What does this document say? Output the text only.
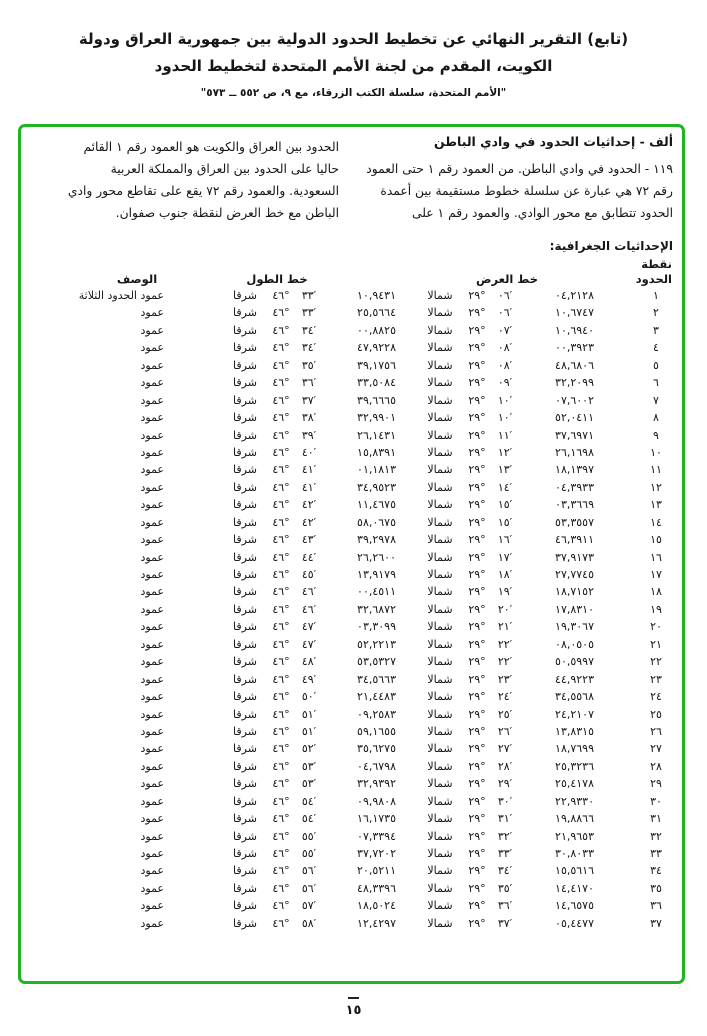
(تابع) التقرير النهائي عن تخطيط الحدود الدولية بين جمهورية العراق ودولة
الكويت، المقدم من لجنة الأمم المتحدة لتخطيط الحدود
"الأمم المتحدة، سلسلة الكتب الزرقاء، مع ٩، ص ٥٥٢ ــ ٥٧٣"
ألف - إحداثيات الحدود في وادي الباطن
١١٩ - الحدود في وادي الباطن. من العمود رقم ١ حتى العمود رقم ٧٢ هي عبارة عن سلسلة خطوط مستقيمة بين أعمدة الحدود تتطابق مع محور الوادي. والعمود رقم ١ على
الحدود بين العراق والكويت هو العمود رقم ١ القائم حاليا على الحدود بين العراق والمملكة العربية السعودية. والعمود رقم ٧٢ يقع على تقاطع محور وادي الباطن مع خط العرض لنقطة جنوب صفوان.
الإحداثيات الجغرافية:
نقطة
الحدود
خط العرض
خط الطول
الوصف
عمود الحدود الثلاثة	شرقا	٤٦°	٣٣′	١٠,٩٤٣١	شمالا	٢٩°	٠٦′	٠٤,٢١٢٨	١
عمود	شرقا	٤٦°	٣٣′	٢٥,٥٦٦٤	شمالا	٢٩°	٠٦′	١٠,٦٧٤٧	٢
عمود	شرقا	٤٦°	٣٤′	٠٠,٨٨٢٥	شمالا	٢٩°	٠٧′	١٠,٦٩٤٠	٣
عمود	شرقا	٤٦°	٣٤′	٤٧,٩٢٢٨	شمالا	٢٩°	٠٨′	٠٠,٣٩٢٣	٤
عمود	شرقا	٤٦°	٣٥′	٣٩,١٧٥٦	شمالا	٢٩°	٠٨′	٤٨,٦٨٠٦	٥
عمود	شرقا	٤٦°	٣٦′	٣٣,٥٠٨٤	شمالا	٢٩°	٠٩′	٣٢,٢٠٩٩	٦
عمود	شرقا	٤٦°	٣٧′	٣٩,٦٦٦٥	شمالا	٢٩°	١٠′	٠٧,٦٠٠٢	٧
عمود	شرقا	٤٦°	٣٨′	٣٢,٩٩٠١	شمالا	٢٩°	١٠′	٥٢,٠٤١١	٨
عمود	شرقا	٤٦°	٣٩′	٢٦,١٤٣١	شمالا	٢٩°	١١′	٣٧,٦٩٧١	٩
عمود	شرقا	٤٦°	٤٠′	١٥,٨٣٩١	شمالا	٢٩°	١٢′	٢٦,١٦٩٨	١٠
عمود	شرقا	٤٦°	٤١′	٠١,١٨١٣	شمالا	٢٩°	١٣′	١٨,١٣٩٧	١١
عمود	شرقا	٤٦°	٤١′	٣٤,٩٥٢٣	شمالا	٢٩°	١٤′	٠٤,٣٩٣٣	١٢
عمود	شرقا	٤٦°	٤٢′	١١,٤٦٧٥	شمالا	٢٩°	١٥′	٠٣,٣٦٦٩	١٣
عمود	شرقا	٤٦°	٤٢′	٥٨,٠٦٧٥	شمالا	٢٩°	١٥′	٥٣,٣٥٥٧	١٤
عمود	شرقا	٤٦°	٤٣′	٣٩,٢٩٧٨	شمالا	٢٩°	١٦′	٤٦,٣٩١١	١٥
عمود	شرقا	٤٦°	٤٤′	٢٦,٢٦٠٠	شمالا	٢٩°	١٧′	٣٧,٩١٧٣	١٦
عمود	شرقا	٤٦°	٤٥′	١٣,٩١٧٩	شمالا	٢٩°	١٨′	٢٧,٧٧٤٥	١٧
عمود	شرقا	٤٦°	٤٦′	٠٠,٤٥١١	شمالا	٢٩°	١٩′	١٨,٧١٥٢	١٨
عمود	شرقا	٤٦°	٤٦′	٣٢,٦٨٧٢	شمالا	٢٩°	٢٠′	١٧,٨٣١٠	١٩
عمود	شرقا	٤٦°	٤٧′	٠٣,٣٠٩٩	شمالا	٢٩°	٢١′	١٩,٣٠٦٧	٢٠
عمود	شرقا	٤٦°	٤٧′	٥٢,٢٢١٣	شمالا	٢٩°	٢٢′	٠٨,٠٥٠٥	٢١
عمود	شرقا	٤٦°	٤٨′	٥٣,٥٣٢٧	شمالا	٢٩°	٢٢′	٥٠,٥٩٩٧	٢٢
عمود	شرقا	٤٦°	٤٩′	٣٤,٥٦٦٣	شمالا	٢٩°	٢٣′	٤٤,٩٢٢٣	٢٣
عمود	شرقا	٤٦°	٥٠′	٢١,٤٤٨٣	شمالا	٢٩°	٢٤′	٣٤,٥٥٦٨	٢٤
عمود	شرقا	٤٦°	٥١′	٠٩,٢٥٨٣	شمالا	٢٩°	٢٥′	٢٤,٢١٠٧	٢٥
عمود	شرقا	٤٦°	٥١′	٥٩,١٦٥٥	شمالا	٢٩°	٢٦′	١٣,٨٣١٥	٢٦
عمود	شرقا	٤٦°	٥٢′	٣٥,٦٢٧٥	شمالا	٢٩°	٢٧′	١٨,٧٦٩٩	٢٧
عمود	شرقا	٤٦°	٥٣′	٠٤,٦٧٩٨	شمالا	٢٩°	٢٨′	٢٥,٣٢٣٦	٢٨
عمود	شرقا	٤٦°	٥٣′	٣٢,٩٣٩٢	شمالا	٢٩°	٢٩′	٢٥,٤١٧٨	٢٩
عمود	شرقا	٤٦°	٥٤′	٠٩,٩٨٠٨	شمالا	٢٩°	٣٠′	٢٢,٩٣٣٠	٣٠
عمود	شرقا	٤٦°	٥٤′	١٦,١٧٣٥	شمالا	٢٩°	٣١′	١٩,٨٨٦٦	٣١
عمود	شرقا	٤٦°	٥٥′	٠٧,٣٣٩٤	شمالا	٢٩°	٣٢′	٢١,٩٦٥٣	٣٢
عمود	شرقا	٤٦°	٥٥′	٣٧,٧٢٠٢	شمالا	٢٩°	٣٣′	٣٠,٨٠٣٣	٣٣
عمود	شرقا	٤٦°	٥٦′	٢٠,٥٢١١	شمالا	٢٩°	٣٤′	١٥,٥٦١٦	٣٤
عمود	شرقا	٤٦°	٥٦′	٤٨,٣٣٩٦	شمالا	٢٩°	٣٥′	١٤,٤١٧٠	٣٥
عمود	شرقا	٤٦°	٥٧′	١٨,٥٠٢٤	شمالا	٢٩°	٣٦′	١٤,٦٥٧٥	٣٦
عمود	شرقا	٤٦°	٥٨′	١٢,٤٢٩٧	شمالا	٢٩°	٣٧′	٠٥,٤٤٧٧	٣٧
١٥
